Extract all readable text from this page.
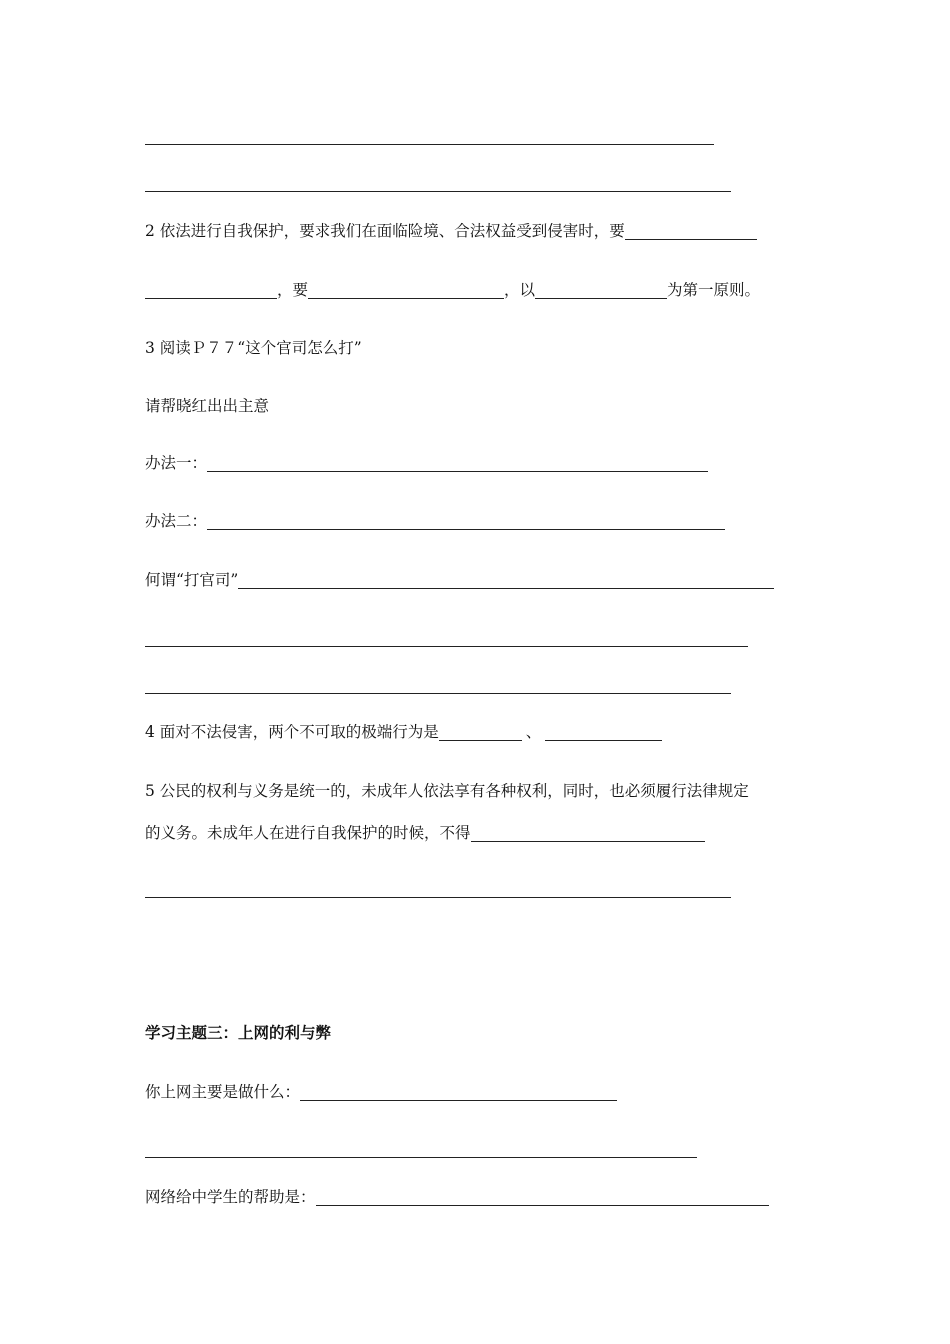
2 依法进行自我保护，要求我们在面临险境、合法权益受到侵害时，要
，要	，以	为第一原则。
3 阅读Ｐ７７“这个官司怎么打”
请帮晓红出出主意
办法一：
办法二：
何谓“打官司”
4 面对不法侵害，两个不可取的极端行为是	、
5 公民的权利与义务是统一的，未成年人依法享有各种权利，同时，也必须履行法律规定
的义务。未成年人在进行自我保护的时候，不得
学习主题三：上网的利与弊
你上网主要是做什么：
网络给中学生的帮助是：
